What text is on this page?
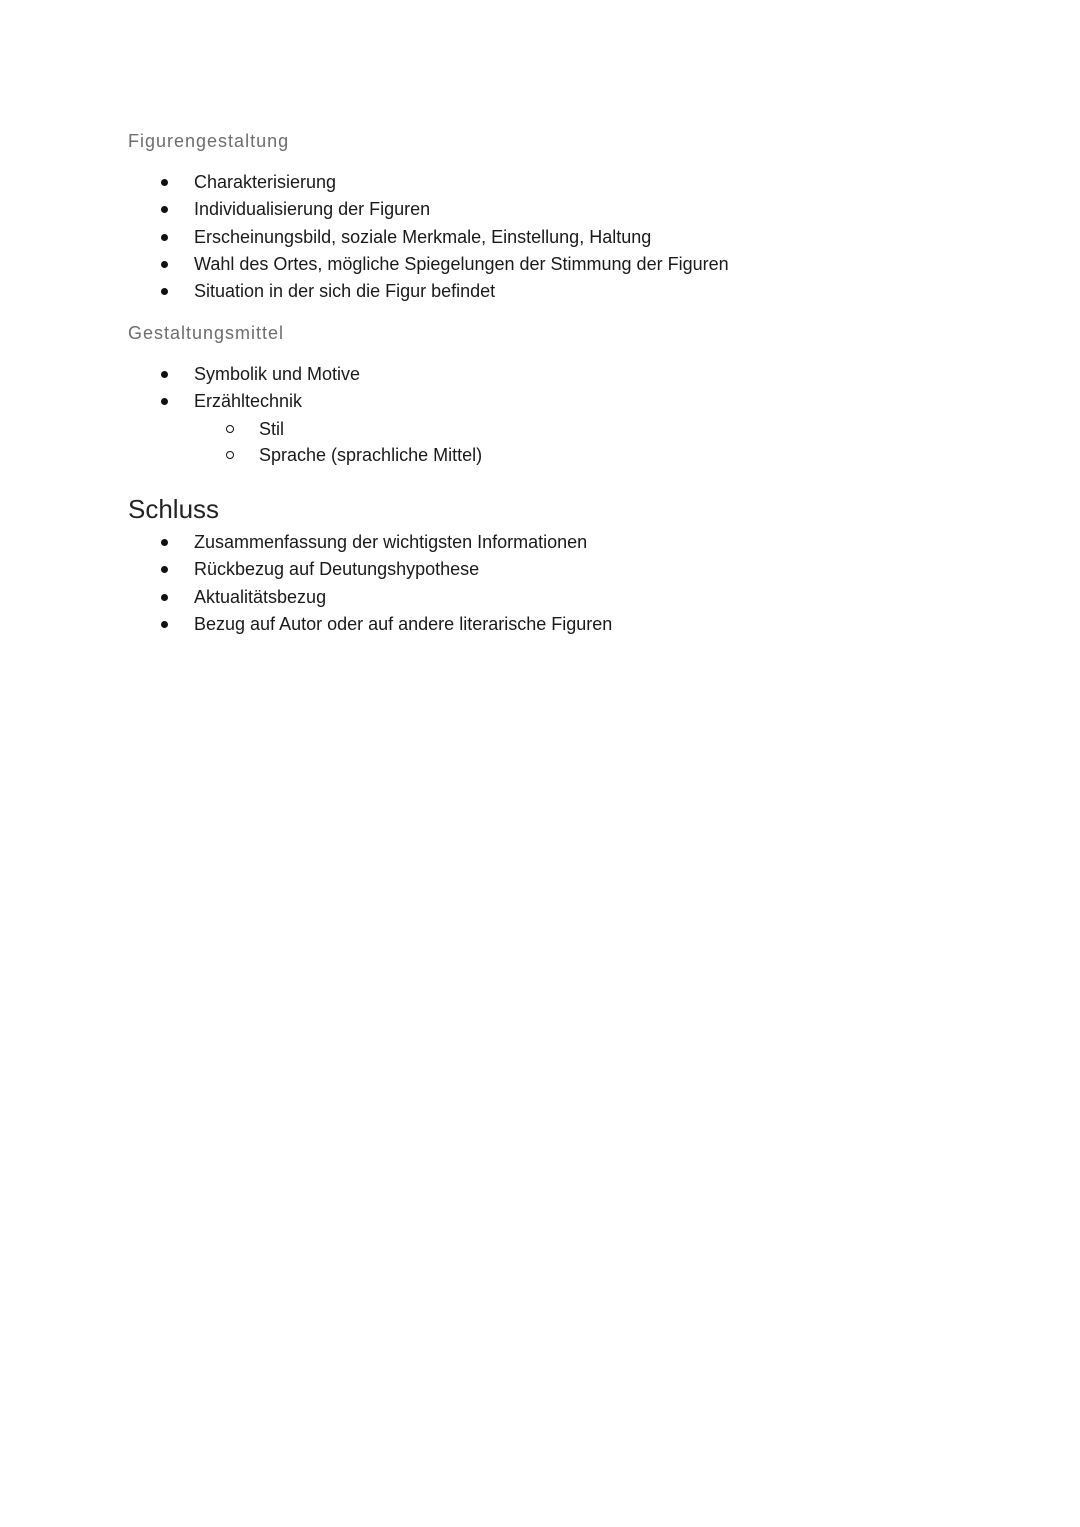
Figurengestaltung
Charakterisierung
Individualisierung der Figuren
Erscheinungsbild, soziale Merkmale, Einstellung, Haltung
Wahl des Ortes, mögliche Spiegelungen der Stimmung der Figuren
Situation in der sich die Figur befindet
Gestaltungsmittel
Symbolik und Motive
Erzähltechnik
Stil
Sprache (sprachliche Mittel)
Schluss
Zusammenfassung der wichtigsten Informationen
Rückbezug auf Deutungshypothese
Aktualitätsbezug
Bezug auf Autor oder auf andere literarische Figuren
